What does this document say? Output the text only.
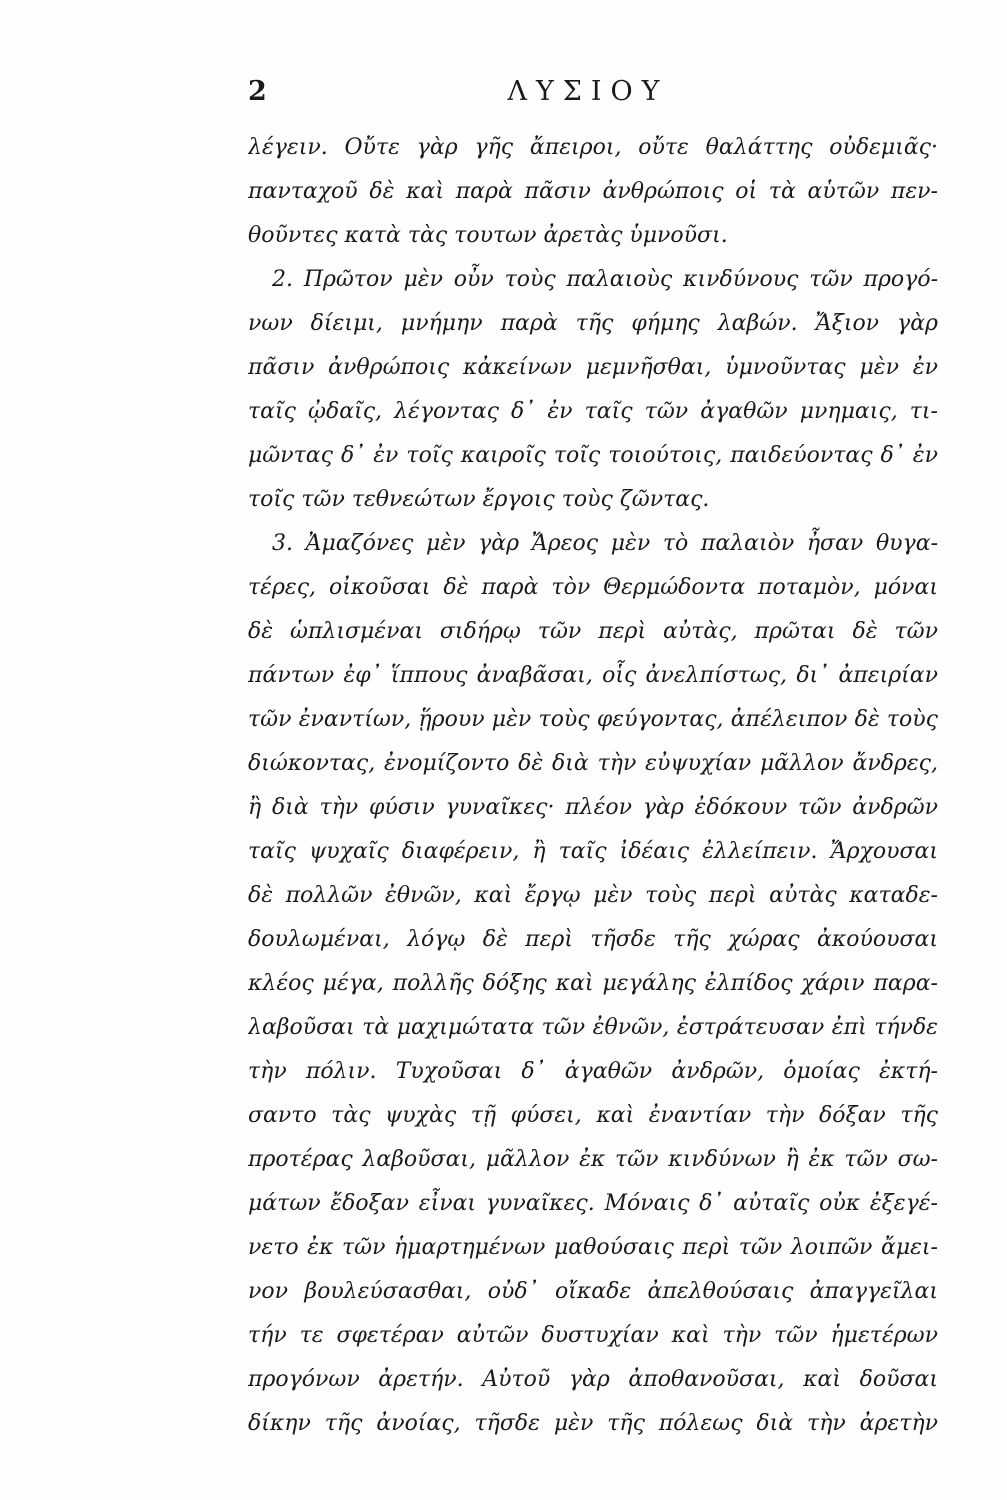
2	ΛΥΣΙΟΥ
λέγειν. Οὔτε γὰρ γῆς ἄπειροι, οὔτε θαλάττης οὐδεμιᾶς·
πανταχοῦ δὲ καὶ παρὰ πᾶσιν ἀνθρώποις οἱ τὰ αὑτῶν πεν-
θοῦντες κατὰ τὰς τουτων ἀρετὰς ὑμνοῦσι.
2. Πρῶτον μὲν οὖν τοὺς παλαιοὺς κινδύνους τῶν προγό-
νων δίειμι, μνήμην παρὰ τῆς φήμης λαβών. Ἄξιον γὰρ
πᾶσιν ἀνθρώποις κἀκείνων μεμνῆσθαι, ὑμνοῦντας μὲν ἐν
ταῖς ᾠδαῖς, λέγοντας δ᾽ ἐν ταῖς τῶν ἀγαθῶν μνημαις, τι-
μῶντας δ᾽ ἐν τοῖς καιροῖς τοῖς τοιούτοις, παιδεύοντας δ᾽ ἐν
τοῖς τῶν τεθνεώτων ἔργοις τοὺς ζῶντας.
3. Ἀμαζόνες μὲν γὰρ Ἄρεος μὲν τὸ παλαιὸν ἦσαν θυγα-
τέρες, οἰκοῦσαι δὲ παρὰ τὸν Θερμώδοντα ποταμὸν, μόναι
δὲ ὡπλισμέναι σιδήρῳ τῶν περὶ αὐτὰς, πρῶται δὲ τῶν
πάντων ἐφ᾽ ἵππους ἀναβᾶσαι, οἷς ἀνελπίστως, δι᾽ ἀπειρίαν
τῶν ἐναντίων, ᾕρουν μὲν τοὺς φεύγοντας, ἀπέλειπον δὲ τοὺς
διώκοντας, ἐνομίζοντο δὲ διὰ τὴν εὐψυχίαν μᾶλλον ἄνδρες,
ἢ διὰ τὴν φύσιν γυναῖκες· πλέον γὰρ ἐδόκουν τῶν ἀνδρῶν
ταῖς ψυχαῖς διαφέρειν, ἢ ταῖς ἰδέαις ἐλλείπειν. Ἄρχουσαι
δὲ πολλῶν ἐθνῶν, καὶ ἔργῳ μὲν τοὺς περὶ αὐτὰς καταδε-
δουλωμέναι, λόγῳ δὲ περὶ τῆσδε τῆς χώρας ἀκούουσαι
κλέος μέγα, πολλῆς δόξης καὶ μεγάλης ἐλπίδος χάριν παρα-
λαβοῦσαι τὰ μαχιμώτατα τῶν ἐθνῶν, ἐστράτευσαν ἐπὶ τήνδε
τὴν πόλιν. Τυχοῦσαι δ᾽ ἀγαθῶν ἀνδρῶν, ὁμοίας ἐκτή-
σαντο τὰς ψυχὰς τῇ φύσει, καὶ ἐναντίαν τὴν δόξαν τῆς
προτέρας λαβοῦσαι, μᾶλλον ἐκ τῶν κινδύνων ἢ ἐκ τῶν σω-
μάτων ἔδοξαν εἶναι γυναῖκες. Μόναις δ᾽ αὐταῖς οὐκ ἐξεγέ-
νετο ἐκ τῶν ἡμαρτημένων μαθούσαις περὶ τῶν λοιπῶν ἄμει-
νον βουλεύσασθαι, οὐδ᾽ οἴκαδε ἀπελθούσαις ἀπαγγεῖλαι
τήν τε σφετέραν αὐτῶν δυστυχίαν καὶ τὴν τῶν ἡμετέρων
προγόνων ἀρετήν. Αὐτοῦ γὰρ ἀποθανοῦσαι, καὶ δοῦσαι
δίκην τῆς ἀνοίας, τῆσδε μὲν τῆς πόλεως διὰ τὴν ἀρετὴν
